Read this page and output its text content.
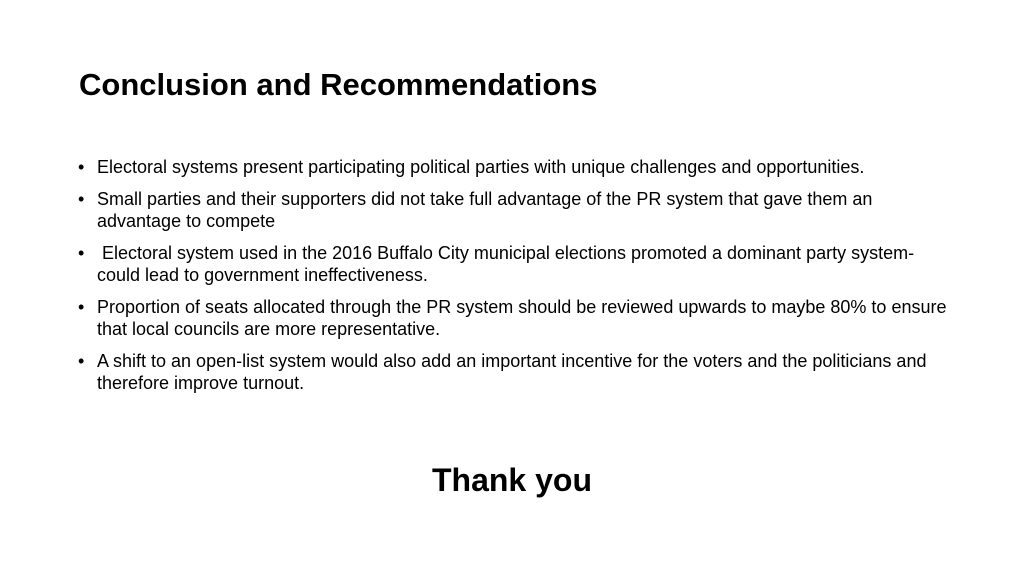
Conclusion and Recommendations
• Electoral systems present participating political parties with unique challenges and opportunities.
• Small parties and their supporters did not take full advantage of the PR system that gave them an advantage to compete
• Electoral system used in the 2016 Buffalo City municipal elections promoted a dominant party system- could lead to government ineffectiveness.
• Proportion of seats allocated through the PR system should be reviewed upwards to maybe 80% to ensure that local councils are more representative.
• A shift to an open-list system would also add an important incentive for the voters and the politicians and therefore improve turnout.

Thank you
